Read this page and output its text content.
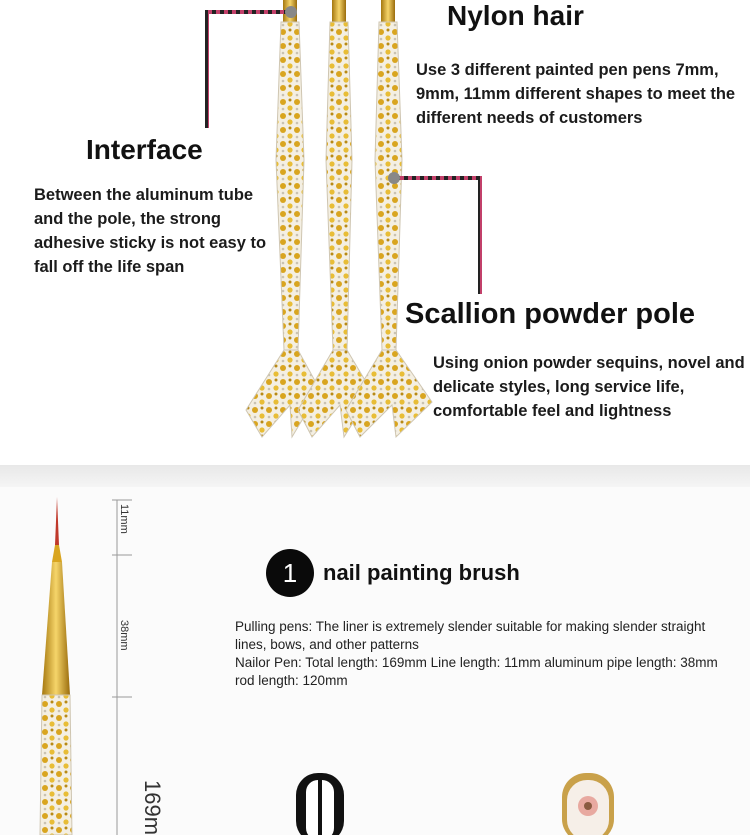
Nylon hair
Use 3 different painted pen pens 7mm, 9mm, 11mm different shapes to meet the different needs of customers
Interface
Between the aluminum tube and the pole, the strong adhesive sticky is not easy to fall off the life span
Scallion powder pole
Using onion powder sequins, novel and delicate styles, long service life, comfortable feel and lightness
1	nail painting brush

Pulling pens: The liner is extremely slender suitable for making slender straight lines, bows, and other patterns

Nailor Pen: Total length: 169mm Line length: 11mm aluminum pipe length: 38mm rod length: 120mm

11mm
38mm
169m
